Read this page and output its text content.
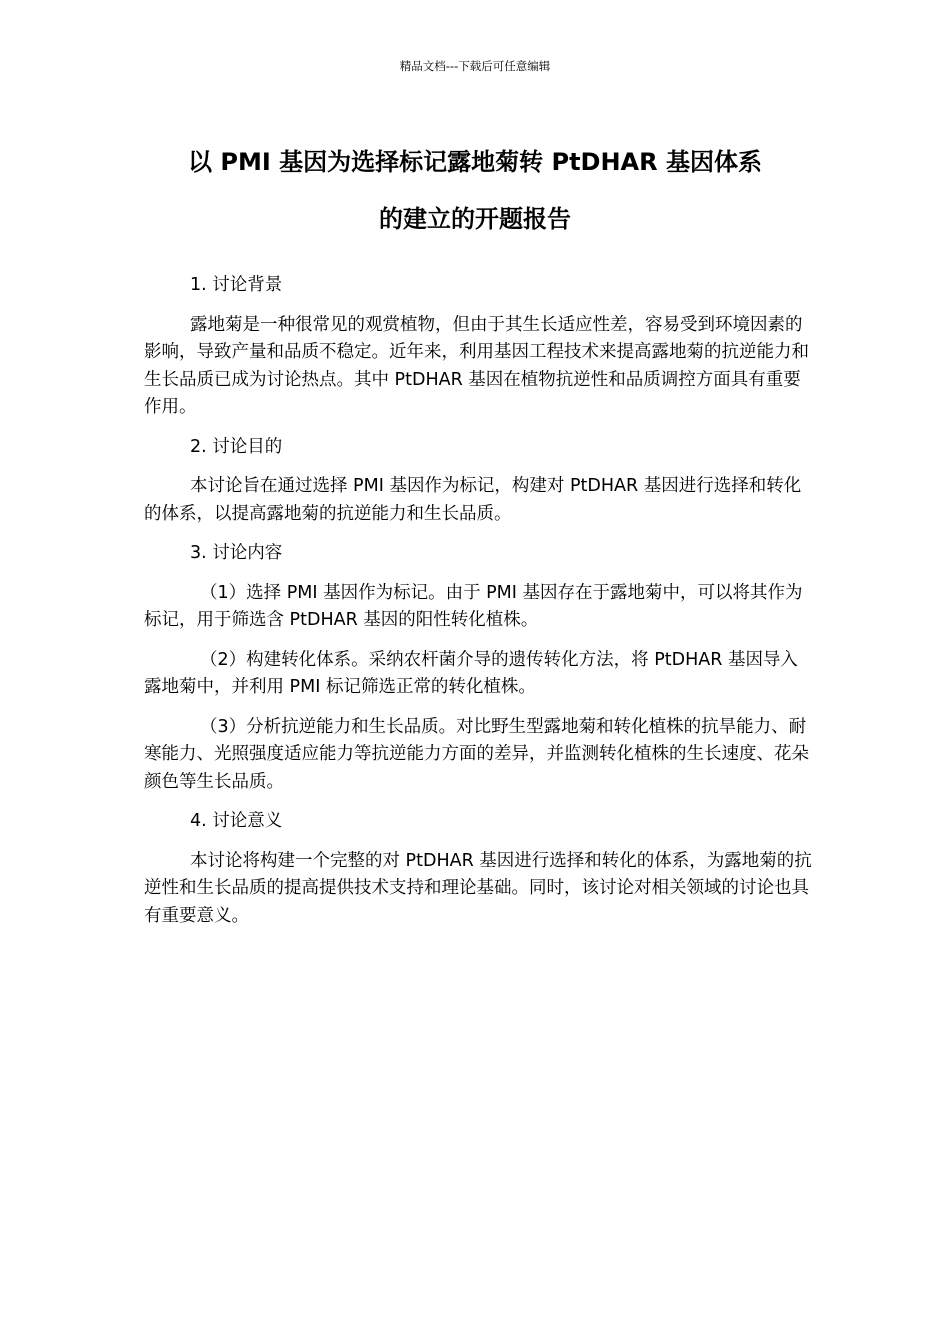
精品文档---下载后可任意编辑
以 PMI 基因为选择标记露地菊转 PtDHAR 基因体系
的建立的开题报告
1. 讨论背景
露地菊是一种很常见的观赏植物，但由于其生长适应性差，容易受到环境因素的影响，导致产量和品质不稳定。近年来，利用基因工程技术来提高露地菊的抗逆能力和生长品质已成为讨论热点。其中 PtDHAR 基因在植物抗逆性和品质调控方面具有重要作用。
2. 讨论目的
本讨论旨在通过选择 PMI 基因作为标记，构建对 PtDHAR 基因进行选择和转化的体系，以提高露地菊的抗逆能力和生长品质。
3. 讨论内容
（1）选择 PMI 基因作为标记。由于 PMI 基因存在于露地菊中，可以将其作为标记，用于筛选含 PtDHAR 基因的阳性转化植株。
（2）构建转化体系。采纳农杆菌介导的遗传转化方法，将 PtDHAR 基因导入露地菊中，并利用 PMI 标记筛选正常的转化植株。
（3）分析抗逆能力和生长品质。对比野生型露地菊和转化植株的抗旱能力、耐寒能力、光照强度适应能力等抗逆能力方面的差异，并监测转化植株的生长速度、花朵颜色等生长品质。
4. 讨论意义
本讨论将构建一个完整的对 PtDHAR 基因进行选择和转化的体系，为露地菊的抗逆性和生长品质的提高提供技术支持和理论基础。同时，该讨论对相关领域的讨论也具有重要意义。
